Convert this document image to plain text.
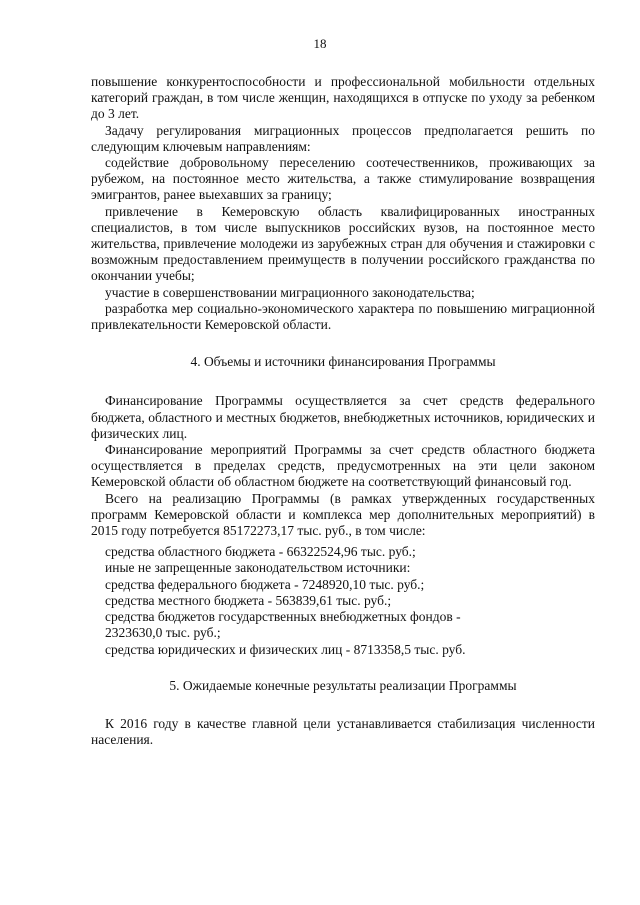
18

повышение конкурентоспособности и профессиональной мобильности отдельных категорий граждан, в том числе женщин, находящихся в отпуске по уходу за ребенком до 3 лет.

Задачу регулирования миграционных процессов предполагается решить по следующим ключевым направлениям:

содействие добровольному переселению соотечественников, проживающих за рубежом, на постоянное место жительства, а также стимулирование возвращения эмигрантов, ранее выехавших за границу;

привлечение в Кемеровскую область квалифицированных иностранных специалистов, в том числе выпускников российских вузов, на постоянное место жительства, привлечение молодежи из зарубежных стран для обучения и стажировки с возможным предоставлением преимуществ в получении российского гражданства по окончании учебы;

участие в совершенствовании миграционного законодательства;

разработка мер социально-экономического характера по повышению миграционной привлекательности Кемеровской области.

4. Объемы и источники финансирования Программы

Финансирование Программы осуществляется за счет средств федерального бюджета, областного и местных бюджетов, внебюджетных источников, юридических и физических лиц.

Финансирование мероприятий Программы за счет средств областного бюджета осуществляется в пределах средств, предусмотренных на эти цели законом Кемеровской области об областном бюджете на соответствующий финансовый год.

Всего на реализацию Программы (в рамках утвержденных государственных программ Кемеровской области и комплекса мер дополнительных мероприятий) в 2015 году потребуется 85172273,17 тыс. руб., в том числе:

средства областного бюджета - 66322524,96 тыс. руб.;
иные не запрещенные законодательством источники:
средства федерального бюджета - 7248920,10 тыс. руб.;
средства местного бюджета - 563839,61 тыс. руб.;
средства бюджетов государственных внебюджетных фондов -
2323630,0 тыс. руб.;
средства юридических и физических лиц - 8713358,5 тыс. руб.
5. Ожидаемые конечные результаты реализации Программы

К 2016 году в качестве главной цели устанавливается стабилизация численности населения.
